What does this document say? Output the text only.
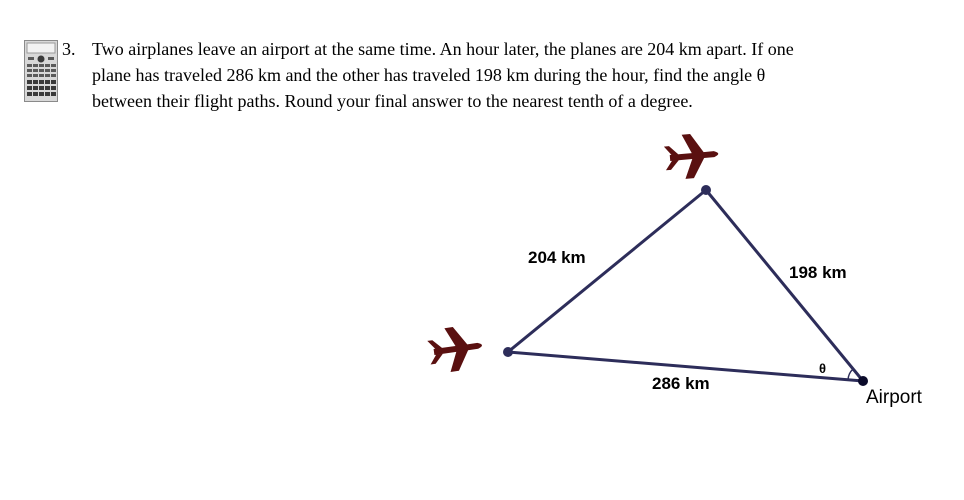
3. Two airplanes leave an airport at the same time. An hour later, the planes are 204 km apart. If one
plane has traveled 286 km and the other has traveled 198 km during the hour, find the angle θ
between their flight paths. Round your final answer to the nearest tenth of a degree.
204 km
198 km
286 km
θ
Airport
